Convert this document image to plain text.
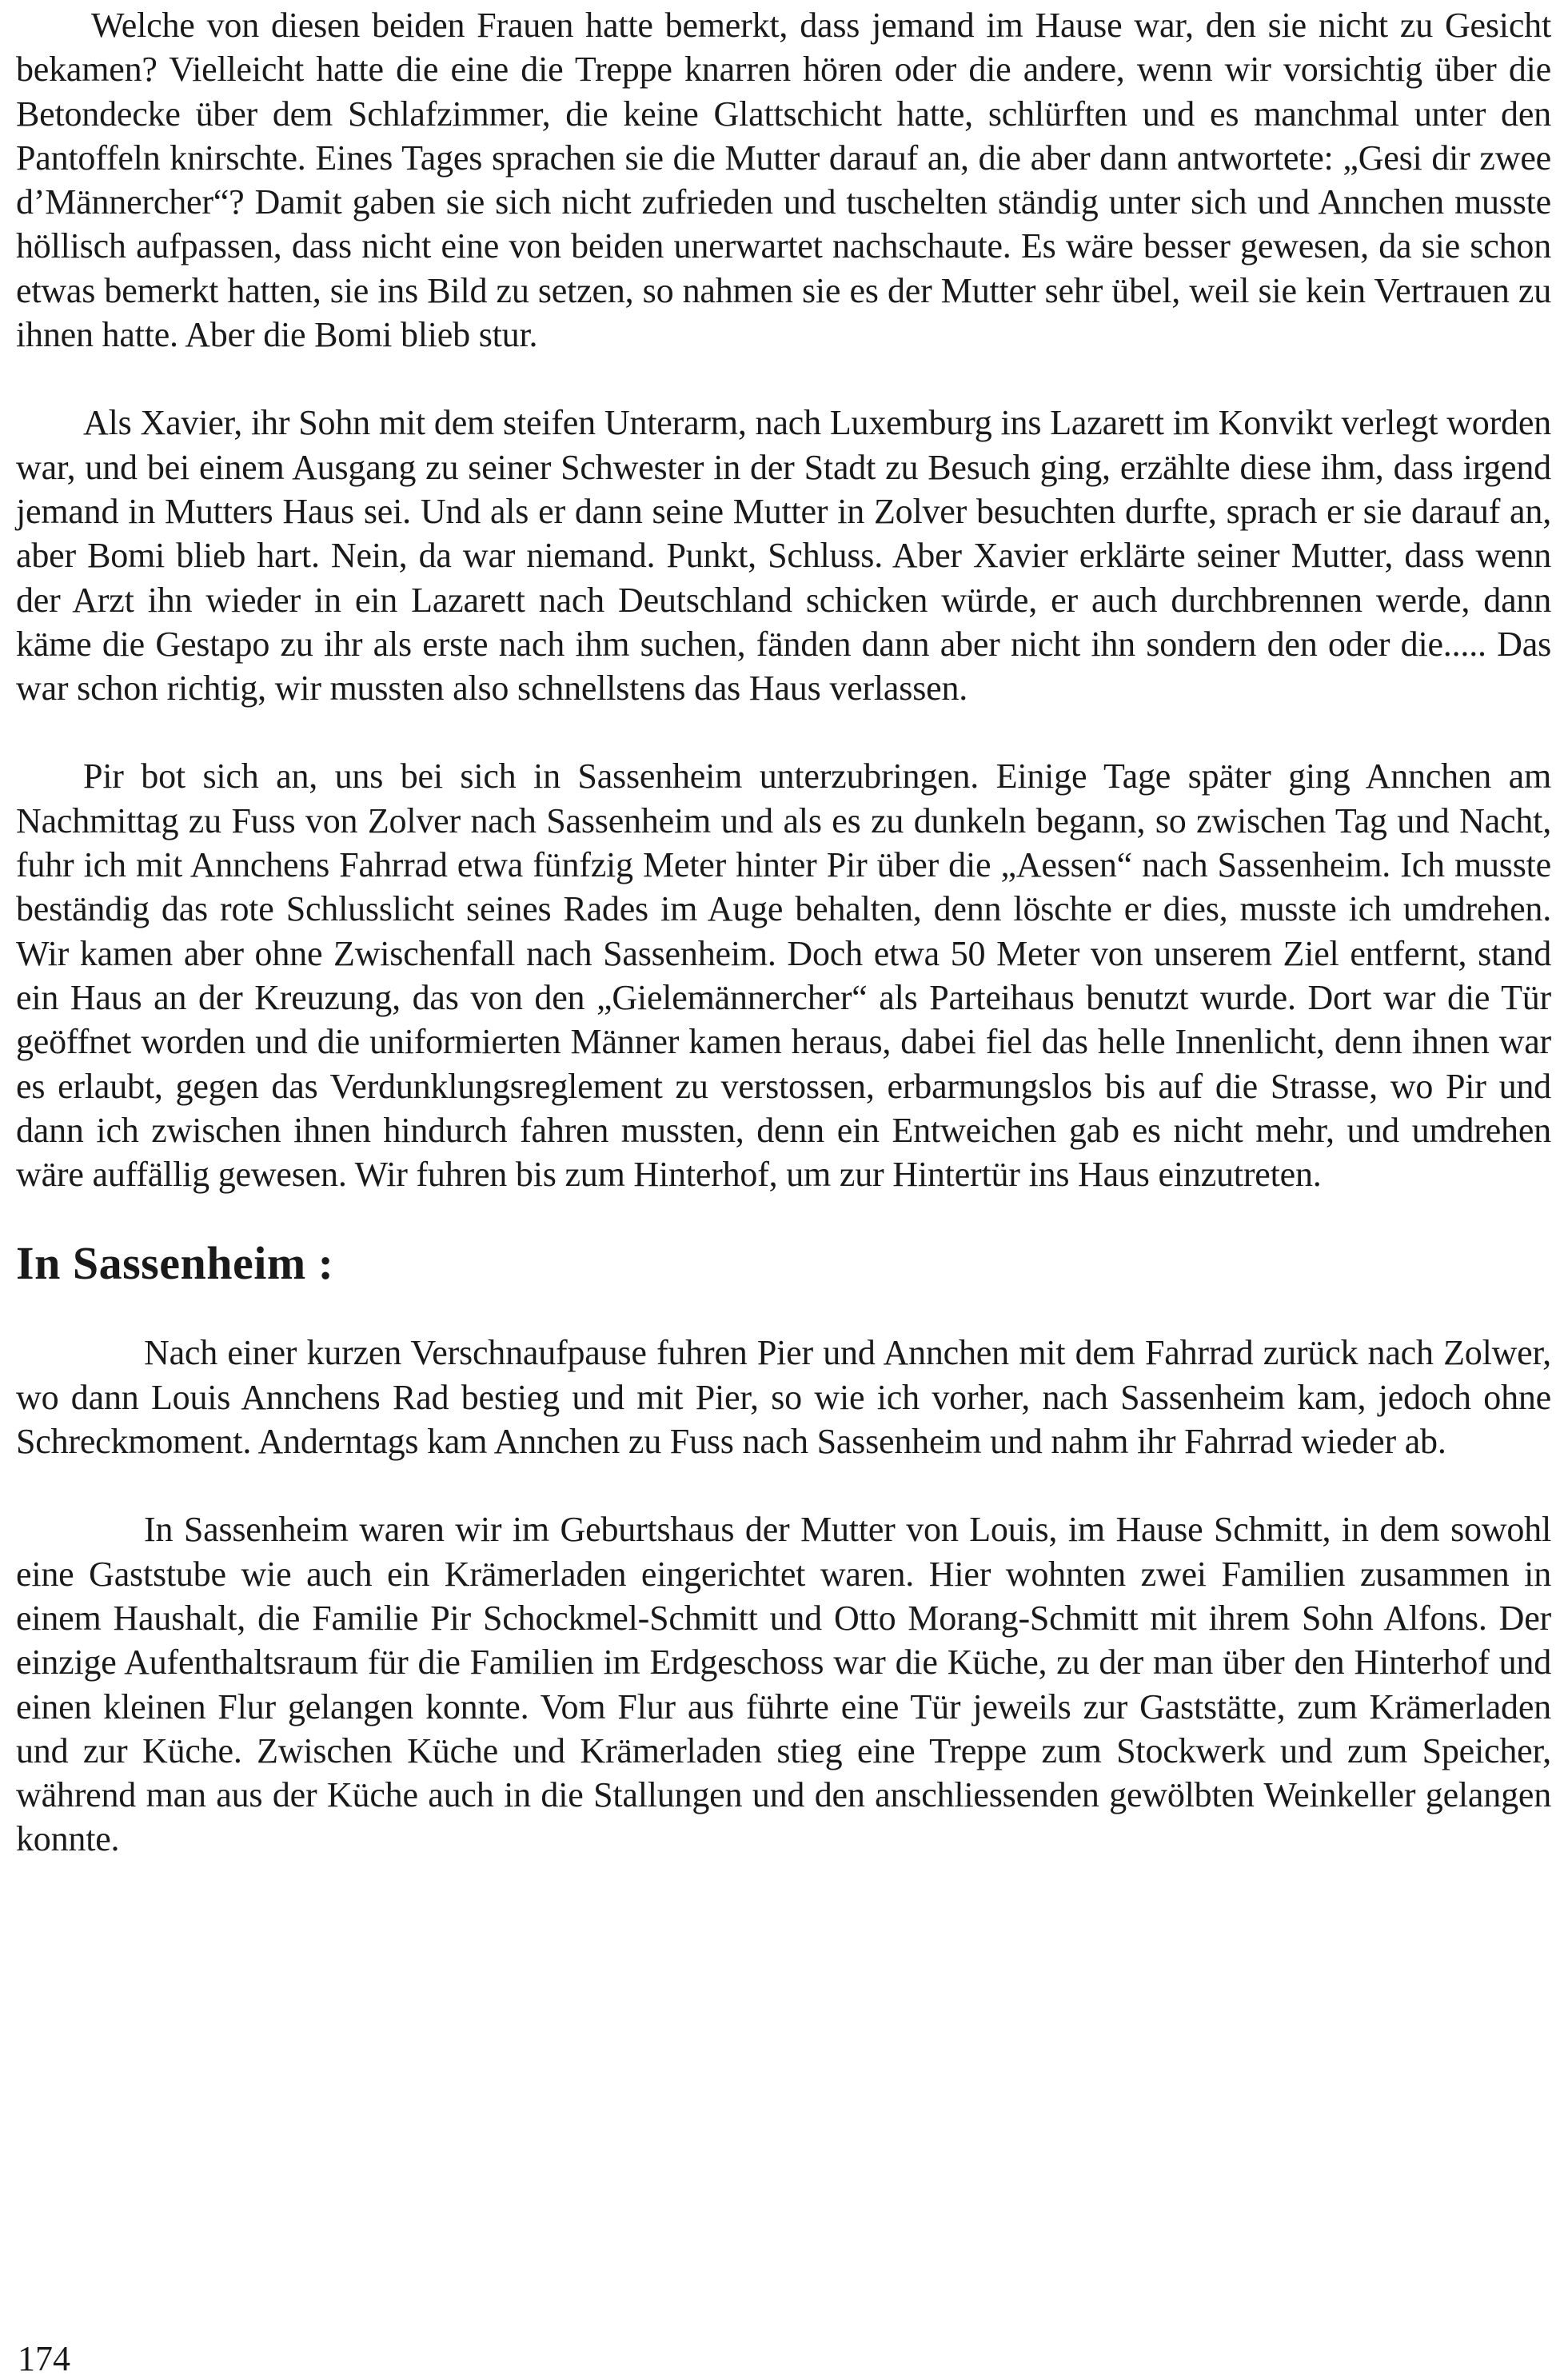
Welche von diesen beiden Frauen hatte bemerkt, dass jemand im Hause war, den sie nicht zu Gesicht bekamen? Vielleicht hatte die eine die Treppe knarren hören oder die andere, wenn wir vorsichtig über die Betondecke über dem Schlafzimmer, die keine Glattschicht hatte, schlürften und es manchmal unter den Pantoffeln knirschte. Eines Tages sprachen sie die Mutter darauf an, die aber dann antwortete: „Gesi dir zwee d’Männercher“? Damit gaben sie sich nicht zufrieden und tuschelten ständig unter sich und Annchen musste höllisch aufpassen, dass nicht eine von beiden unerwartet nachschaute. Es wäre besser gewesen, da sie schon etwas bemerkt hatten, sie ins Bild zu setzen, so nahmen sie es der Mutter sehr übel, weil sie kein Vertrauen zu ihnen hatte. Aber die Bomi blieb stur.

Als Xavier, ihr Sohn mit dem steifen Unterarm, nach Luxemburg ins Lazarett im Konvikt verlegt worden war, und bei einem Ausgang zu seiner Schwester in der Stadt zu Besuch ging, erzählte diese ihm, dass irgend jemand in Mutters Haus sei. Und als er dann seine Mutter in Zolver besuchten durfte, sprach er sie darauf an, aber Bomi blieb hart. Nein, da war niemand. Punkt, Schluss. Aber Xavier erklärte seiner Mutter, dass wenn der Arzt ihn wieder in ein Lazarett nach Deutschland schicken würde, er auch durchbrennen werde, dann käme die Gestapo zu ihr als erste nach ihm suchen, fänden dann aber nicht ihn sondern den oder die..... Das war schon richtig, wir mussten also schnellstens das Haus verlassen.

Pir bot sich an, uns bei sich in Sassenheim unterzubringen. Einige Tage später ging Annchen am Nachmittag zu Fuss von Zolver nach Sassenheim und als es zu dunkeln begann, so zwischen Tag und Nacht, fuhr ich mit Annchens Fahrrad etwa fünfzig Meter hinter Pir über die „Aessen“ nach Sassenheim. Ich musste beständig das rote Schlusslicht seines Rades im Auge behalten, denn löschte er dies, musste ich umdrehen. Wir kamen aber ohne Zwischenfall nach Sassenheim. Doch etwa 50 Meter von unserem Ziel entfernt, stand ein Haus an der Kreuzung, das von den „Gielemännercher“ als Parteihaus benutzt wurde. Dort war die Tür geöffnet worden und die uniformierten Männer kamen heraus, dabei fiel das helle Innenlicht, denn ihnen war es erlaubt, gegen das Verdunklungsreglement zu verstossen, erbarmungslos bis auf die Strasse, wo Pir und dann ich zwischen ihnen hindurch fahren mussten, denn ein Entweichen gab es nicht mehr, und umdrehen wäre auffällig gewesen. Wir fuhren bis zum Hinterhof, um zur Hintertür ins Haus einzutreten.

In Sassenheim :

Nach einer kurzen Verschnaufpause fuhren Pier und Annchen mit dem Fahrrad zurück nach Zolwer, wo dann Louis Annchens Rad bestieg und mit Pier, so wie ich vorher, nach Sassenheim kam, jedoch ohne Schreckmoment. Anderntags kam Annchen zu Fuss nach Sassenheim und nahm ihr Fahrrad wieder ab.

In Sassenheim waren wir im Geburtshaus der Mutter von Louis, im Hause Schmitt, in dem sowohl eine Gaststube wie auch ein Krämerladen eingerichtet waren. Hier wohnten zwei Familien zusammen in einem Haushalt, die Familie Pir Schockmel-Schmitt und Otto Morang-Schmitt mit ihrem Sohn Alfons. Der einzige Aufenthaltsraum für die Familien im Erdgeschoss war die Küche, zu der man über den Hinterhof und einen kleinen Flur gelangen konnte. Vom Flur aus führte eine Tür jeweils zur Gaststätte, zum Krämerladen und zur Küche. Zwischen Küche und Krämerladen stieg eine Treppe zum Stockwerk und zum Speicher, während man aus der Küche auch in die Stallungen und den anschliessenden gewölbten Weinkeller gelangen konnte.

174
